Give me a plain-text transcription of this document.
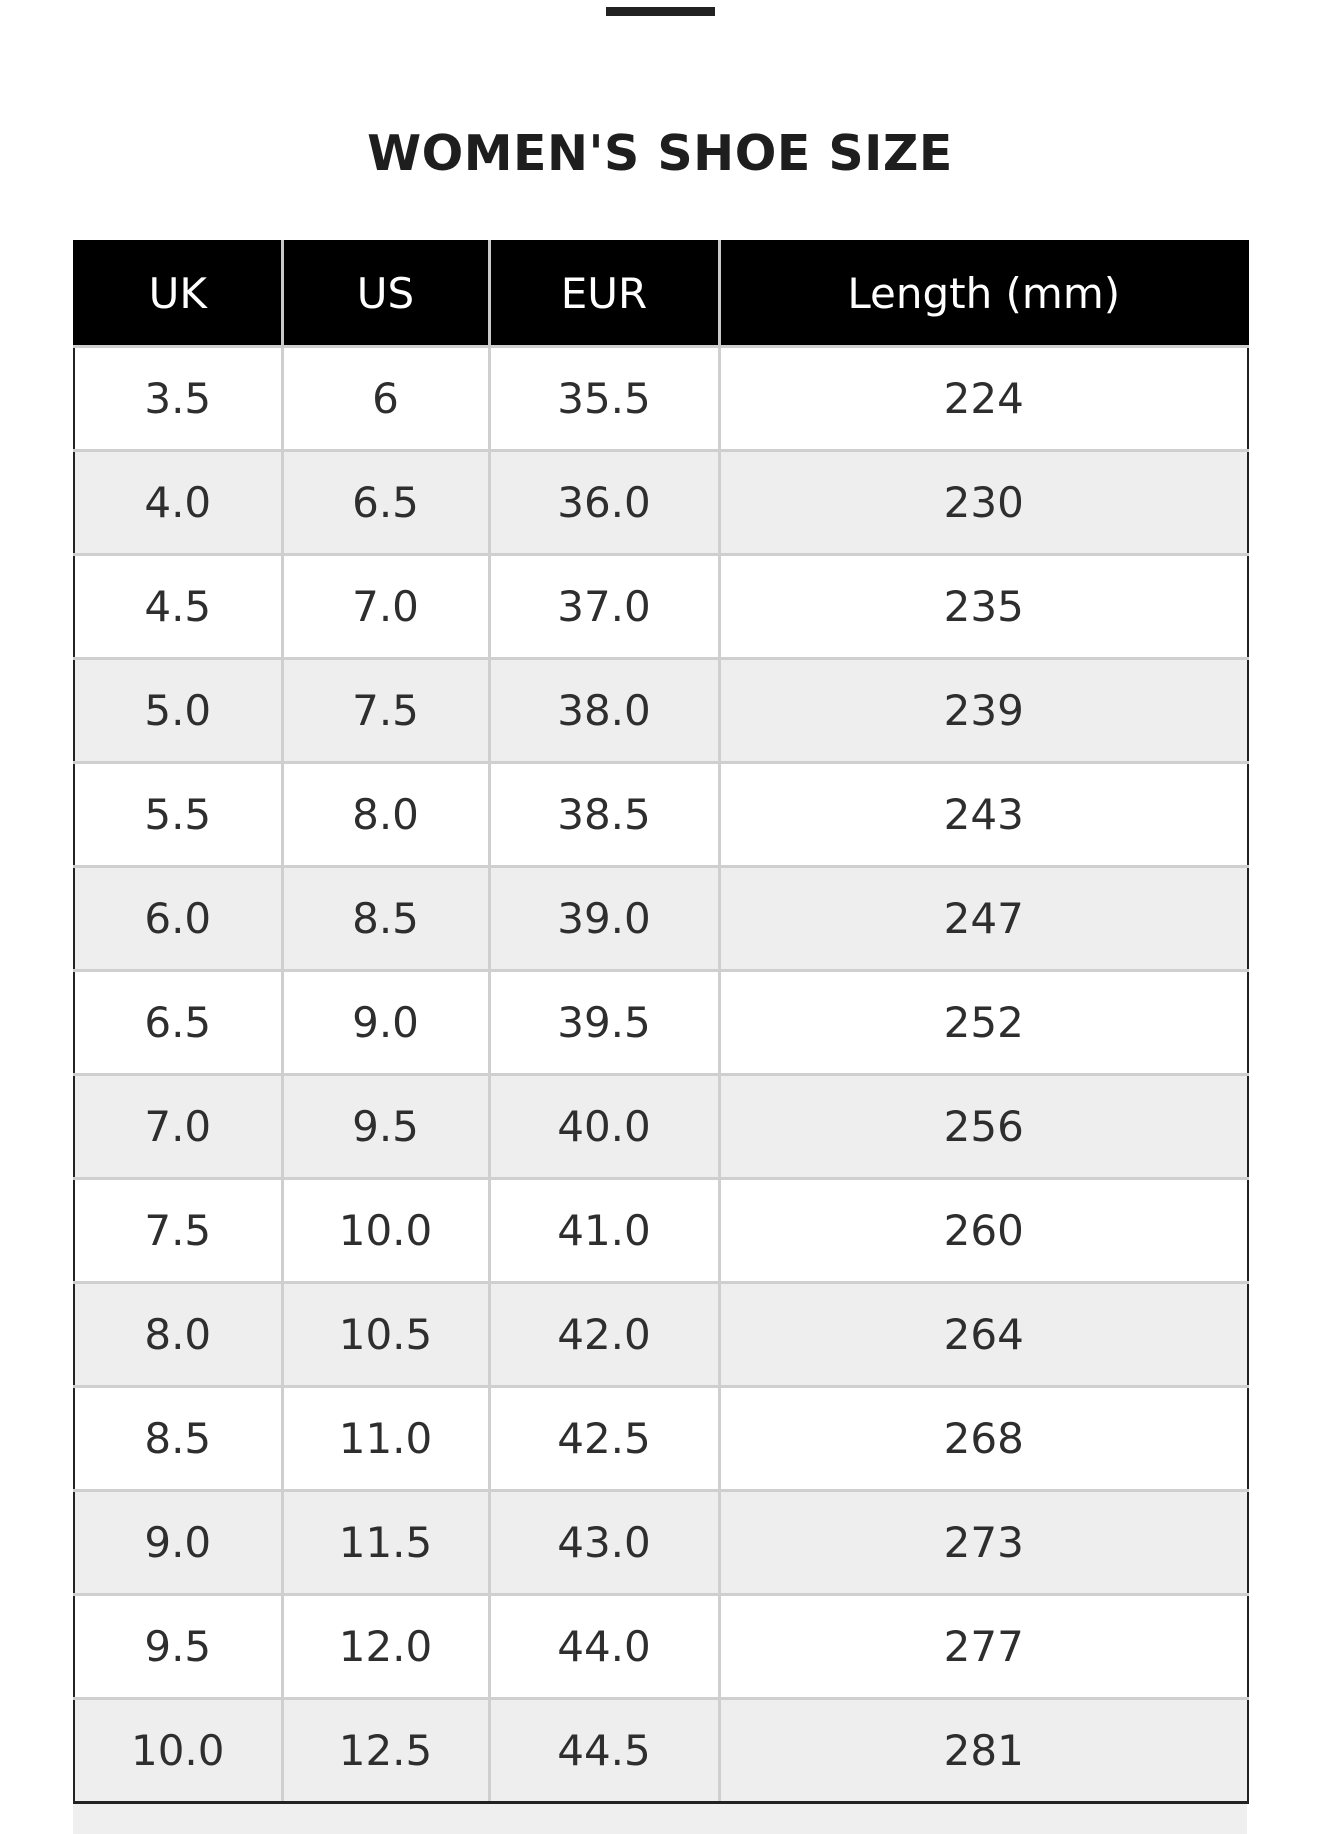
WOMEN'S SHOE SIZE
UK	US	EUR	Length (mm)
3.5	6	35.5	224
4.0	6.5	36.0	230
4.5	7.0	37.0	235
5.0	7.5	38.0	239
5.5	8.0	38.5	243
6.0	8.5	39.0	247
6.5	9.0	39.5	252
7.0	9.5	40.0	256
7.5	10.0	41.0	260
8.0	10.5	42.0	264
8.5	11.0	42.5	268
9.0	11.5	43.0	273
9.5	12.0	44.0	277
10.0	12.5	44.5	281
